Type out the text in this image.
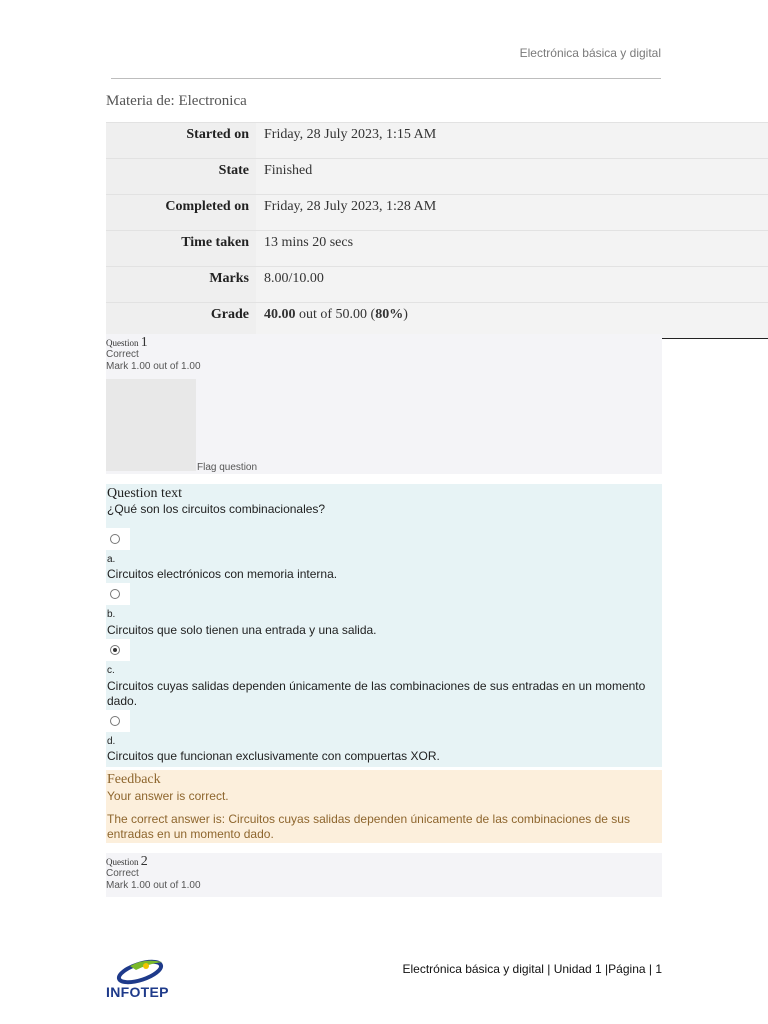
Electrónica básica y digital
Materia de: Electronica
Started on	Friday, 28 July 2023, 1:15 AM
State	Finished
Completed on	Friday, 28 July 2023, 1:28 AM
Time taken	13 mins 20 secs
Marks	8.00/10.00
Grade	40.00 out of 50.00 (80%)
Question 1
Correct
Mark 1.00 out of 1.00
Flag question
Question text
¿Qué son los circuitos combinacionales?
a.
Circuitos electrónicos con memoria interna.
b.
Circuitos que solo tienen una entrada y una salida.
c.
Circuitos cuyas salidas dependen únicamente de las combinaciones de sus entradas en un momento dado.
d.
Circuitos que funcionan exclusivamente con compuertas XOR.
Feedback
Your answer is correct.
The correct answer is: Circuitos cuyas salidas dependen únicamente de las combinaciones de sus entradas en un momento dado.
Question 2
Correct
Mark 1.00 out of 1.00
INFOTEP
Electrónica básica y digital | Unidad 1 |Página | 1
